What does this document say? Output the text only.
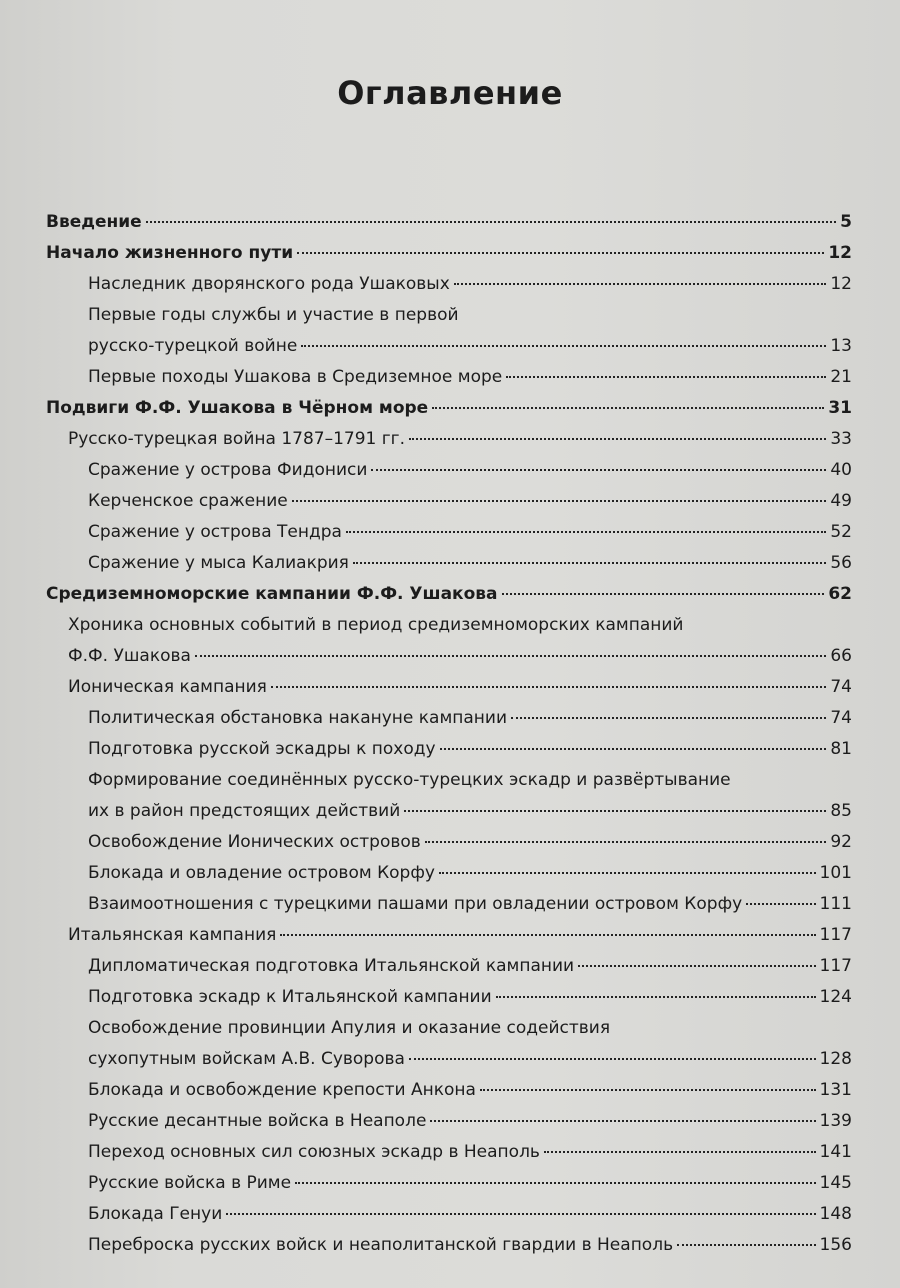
Оглавление
Введение	5
Начало жизненного пути	12
Наследник дворянского рода Ушаковых	12
Первые годы службы и участие в первой
русско-турецкой войне	13
Первые походы Ушакова в Средиземное море	21
Подвиги Ф.Ф. Ушакова в Чёрном море	31
Русско-турецкая война 1787–1791 гг.	33
Сражение у острова Фидониси	40
Керченское сражение	49
Сражение у острова Тендра	52
Сражение у мыса Калиакрия	56
Средиземноморские кампании Ф.Ф. Ушакова	62
Хроника основных событий в период средиземноморских кампаний
Ф.Ф. Ушакова	66
Ионическая кампания	74
Политическая обстановка накануне кампании	74
Подготовка русской эскадры к походу	81
Формирование соединённых русско-турецких эскадр и развёртывание
их в район предстоящих действий	85
Освобождение Ионических островов	92
Блокада и овладение островом Корфу	101
Взаимоотношения с турецкими пашами при овладении островом Корфу	111
Итальянская кампания	117
Дипломатическая подготовка Итальянской кампании	117
Подготовка эскадр к Итальянской кампании	124
Освобождение провинции Апулия и оказание содействия
сухопутным войскам А.В. Суворова	128
Блокада и освобождение крепости Анкона	131
Русские десантные войска в Неаполе	139
Переход основных сил союзных эскадр в Неаполь	141
Русские войска в Риме	145
Блокада Генуи	148
Переброска русских войск и неаполитанской гвардии в Неаполь	156
